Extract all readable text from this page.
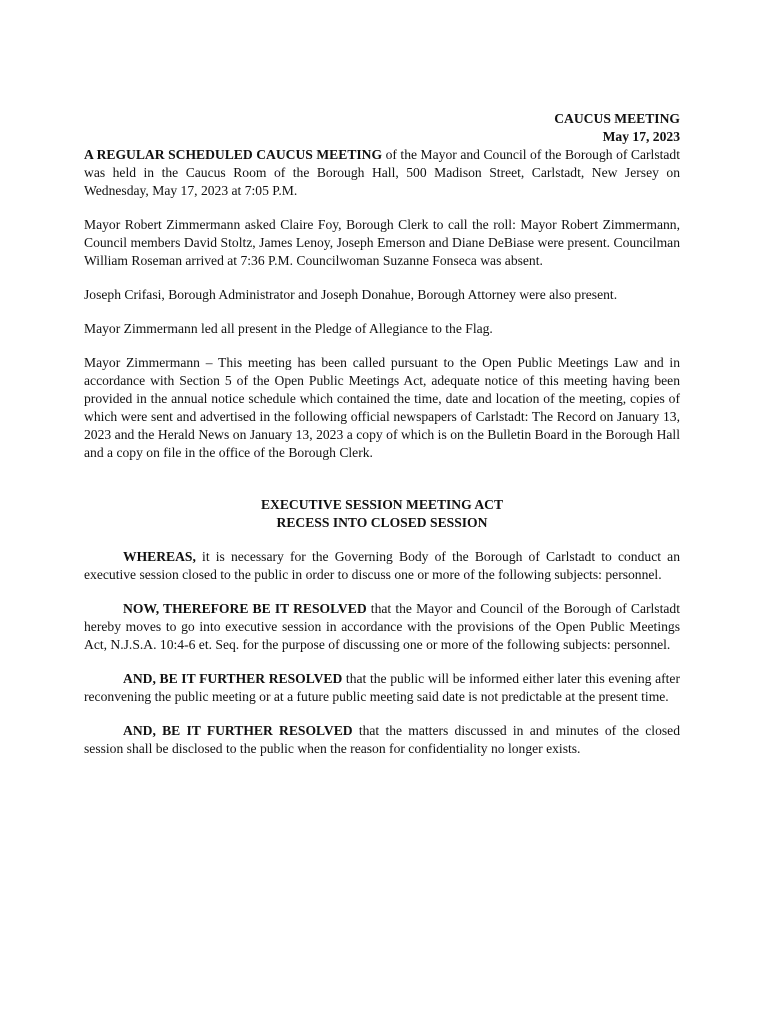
CAUCUS MEETING
May 17, 2023

A REGULAR SCHEDULED CAUCUS MEETING of the Mayor and Council of the Borough of Carlstadt was held in the Caucus Room of the Borough Hall, 500 Madison Street, Carlstadt, New Jersey on Wednesday, May 17, 2023 at 7:05 P.M.

Mayor Robert Zimmermann asked Claire Foy, Borough Clerk to call the roll: Mayor Robert Zimmermann, Council members David Stoltz, James Lenoy, Joseph Emerson and Diane DeBiase were present. Councilman William Roseman arrived at 7:36 P.M. Councilwoman Suzanne Fonseca was absent.

Joseph Crifasi, Borough Administrator and Joseph Donahue, Borough Attorney were also present.

Mayor Zimmermann led all present in the Pledge of Allegiance to the Flag.

Mayor Zimmermann – This meeting has been called pursuant to the Open Public Meetings Law and in accordance with Section 5 of the Open Public Meetings Act, adequate notice of this meeting having been provided in the annual notice schedule which contained the time, date and location of the meeting, copies of which were sent and advertised in the following official newspapers of Carlstadt: The Record on January 13, 2023 and the Herald News on January 13, 2023 a copy of which is on the Bulletin Board in the Borough Hall and a copy on file in the office of the Borough Clerk.

EXECUTIVE SESSION MEETING ACT
RECESS INTO CLOSED SESSION

WHEREAS, it is necessary for the Governing Body of the Borough of Carlstadt to conduct an executive session closed to the public in order to discuss one or more of the following subjects: personnel.

NOW, THEREFORE BE IT RESOLVED that the Mayor and Council of the Borough of Carlstadt hereby moves to go into executive session in accordance with the provisions of the Open Public Meetings Act, N.J.S.A. 10:4-6 et. Seq. for the purpose of discussing one or more of the following subjects: personnel.

AND, BE IT FURTHER RESOLVED that the public will be informed either later this evening after reconvening the public meeting or at a future public meeting said date is not predictable at the present time.

AND, BE IT FURTHER RESOLVED that the matters discussed in and minutes of the closed session shall be disclosed to the public when the reason for confidentiality no longer exists.
